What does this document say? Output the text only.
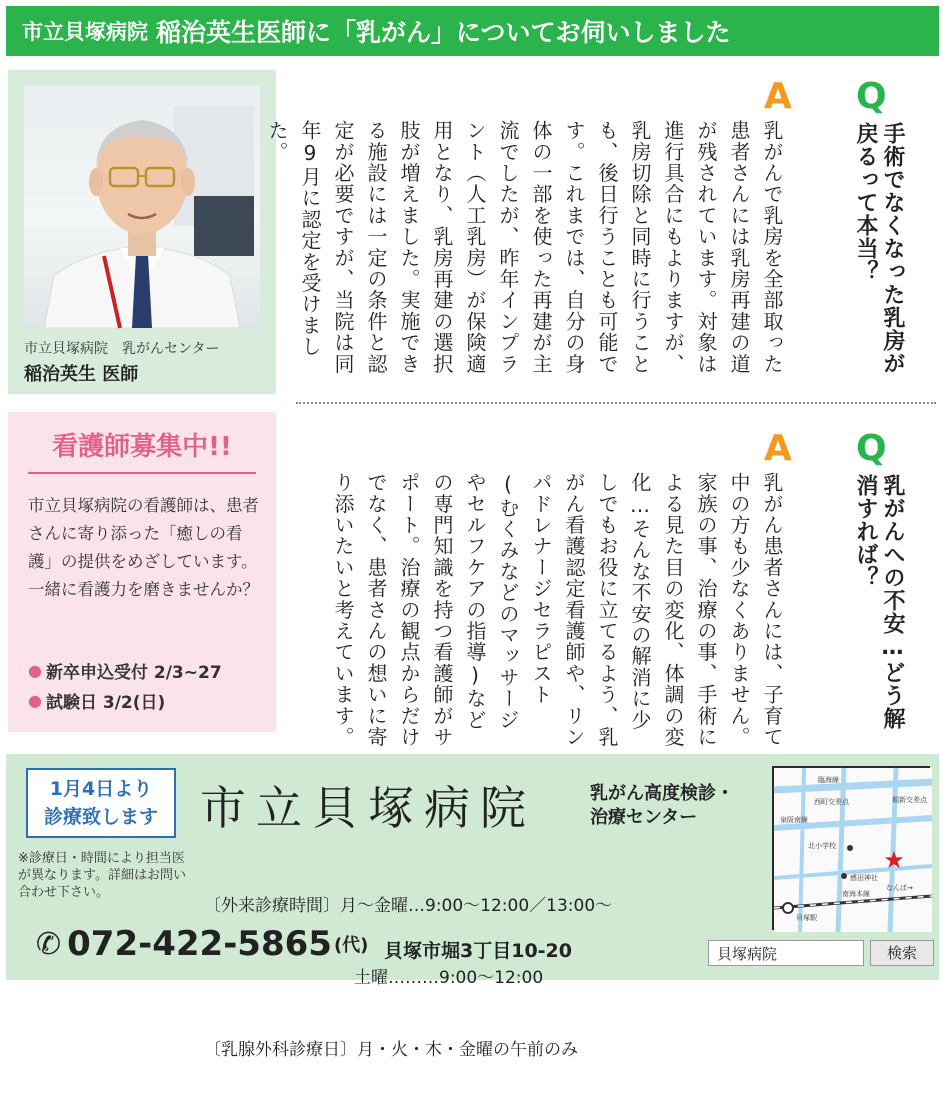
市立貝塚病院 稲治英生医師に「乳がん」についてお伺いしました
市立貝塚病院　乳がんセンター
稲治英生 医師
看護師募集中!!
市立貝塚病院の看護師は、患者さんに寄り添った「癒しの看護」の提供をめざしています。一緒に看護力を磨きませんか？
● 新卒申込受付 2/3~27
● 試験日 3/2(日)
Q
手術でなくなった乳房が戻るって本当？
A
乳がんで乳房を全部取った患者さんには乳房再建の道が残されています。対象は進行具合にもよりますが、乳房切除と同時に行うことも、後日行うことも可能です。これまでは、自分の身体の一部を使った再建が主流でしたが、昨年インプラント（人工乳房）が保険適用となり、乳房再建の選択肢が増えました。実施できる施設には一定の条件と認定が必要ですが、当院は同年9月に認定を受けました。
Q
乳がんへの不安…どう解消すれば？
A
乳がん患者さんには、子育て中の方も少なくありません。家族の事、治療の事、手術による見た目の変化、体調の変化…そんな不安の解消に少しでもお役に立てるよう、乳がん看護認定看護師や、リンパドレナージセラピスト(むくみなどのマッサージやセルフケアの指導)などの専門知識を持つ看護師がサポート。治療の観点からだけでなく、患者さんの想いに寄り添いたいと考えています。
1月4日より
診療致します
※診療日・時間により担当医が異なります。詳細はお問い合わせ下さい。
市立貝塚病院	乳がん高度検診・
治療センター

〔外来診療時間〕月～金曜…9:00～12:00／13:00～

土曜………9:00～12:00

〔乳腺外科診療日〕月・火・木・金曜の午前のみ

✆ 072-422-5865 (代) 貝塚市堀3丁目10-20
★
臨海線
堀新交差点
西町交差点
泉阪南線
北小学校
感田神社
貝塚駅
南海本線
なんば→
貝塚病院
検索
